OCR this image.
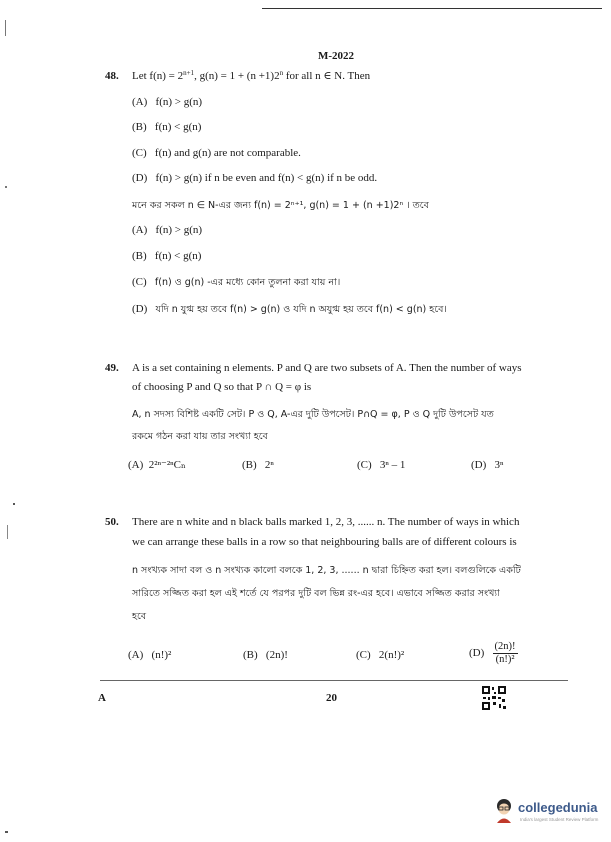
M-2022
48. Let $f(n) = 2^{n+1}$, $g(n) = 1 + (n +1)2^n$ for all n ∈ N. Then
(A) f(n) > g(n)
(B) f(n) < g(n)
(C) f(n) and g(n) are not comparable.
(D) f(n) > g(n) if n be even and f(n) < g(n) if n be odd.
মনে কর সকল n ∈ N-এর জন্য f(n) = 2ⁿ⁺¹, g(n) = 1 + (n +1)2ⁿ । তবে
(A) f(n) > g(n)
(B) f(n) < g(n)
(C) f(n) ও g(n) -এর মধ্যে কোন তুলনা করা যায় না।
(D) যদি n যুগ্ম হয় তবে f(n) > g(n) ও যদি n অযুগ্ম হয় তবে f(n) < g(n) হবে।
49. A is a set containing n elements. P and Q are two subsets of A. Then the number of ways
of choosing P and Q so that P ∩ Q = φ is
A, n সদস্য বিশিষ্ট একটি সেট। P ও Q, A-এর দুটি উপসেট। P∩Q = φ, P ও Q দুটি উপসেট যত
রকমে গঠন করা যায় তার সংখ্যা হবে
(A) 2²ⁿ⁻²ⁿCₙ	(B) 2ⁿ	(C) 3ⁿ – 1	(D) 3ⁿ
50. There are n white and n black balls marked 1, 2, 3, ...... n. The number of ways in which
we can arrange these balls in a row so that neighbouring balls are of different colours is
n সংখ্যক সাদা বল ও n সংখ্যক কালো বলকে 1, 2, 3, ...... n দ্বারা চিহ্নিত করা হল। বলগুলিকে একটি
সারিতে সজ্জিত করা হল এই শর্তে যে পরপর দুটি বল ভিন্ন রং-এর হবে। এভাবে সজ্জিত করার সংখ্যা
হবে
(A) (n!)²	(B) (2n)!	(C) 2(n!)²	$(D) \frac{(2n)!}{\text{(n!)²}}$
A	20
collegedunia
India's largest Student Review Platform
